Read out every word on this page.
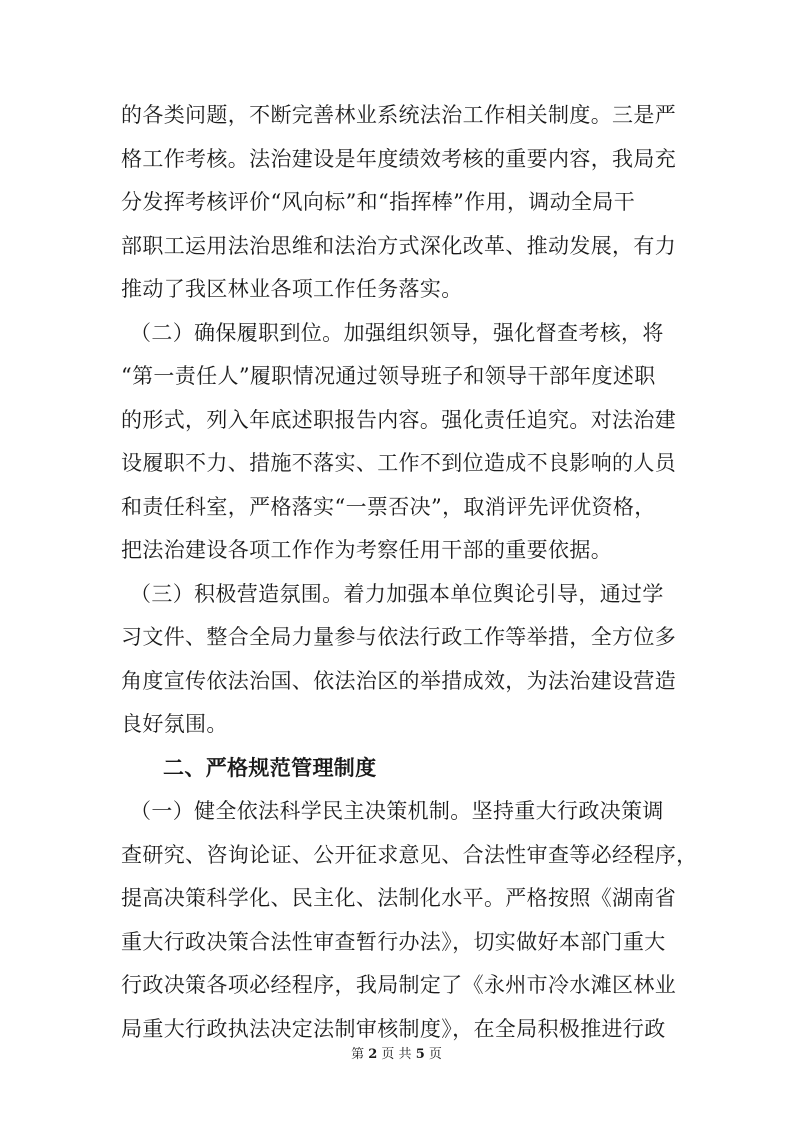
的各类问题，不断完善林业系统法治工作相关制度。三是严
格工作考核。法治建设是年度绩效考核的重要内容，我局充
分发挥考核评价“风向标”和“指挥棒”作用，调动全局干
部职工运用法治思维和法治方式深化改革、推动发展，有力
推动了我区林业各项工作任务落实。
（二）确保履职到位。加强组织领导，强化督查考核，将
“第一责任人”履职情况通过领导班子和领导干部年度述职
的形式，列入年底述职报告内容。强化责任追究。对法治建
设履职不力、措施不落实、工作不到位造成不良影响的人员
和责任科室，严格落实“一票否决”，取消评先评优资格，
把法治建设各项工作作为考察任用干部的重要依据。
（三）积极营造氛围。着力加强本单位舆论引导，通过学
习文件、整合全局力量参与依法行政工作等举措，全方位多
角度宣传依法治国、依法治区的举措成效，为法治建设营造
良好氛围。
二、严格规范管理制度
（一）健全依法科学民主决策机制。坚持重大行政决策调
查研究、咨询论证、公开征求意见、合法性审查等必经程序，
提高决策科学化、民主化、法制化水平。严格按照《湖南省
重大行政决策合法性审查暂行办法》，切实做好本部门重大
行政决策各项必经程序，我局制定了《永州市冷水滩区林业
局重大行政执法决定法制审核制度》，在全局积极推进行政
第 2 页 共 5 页
